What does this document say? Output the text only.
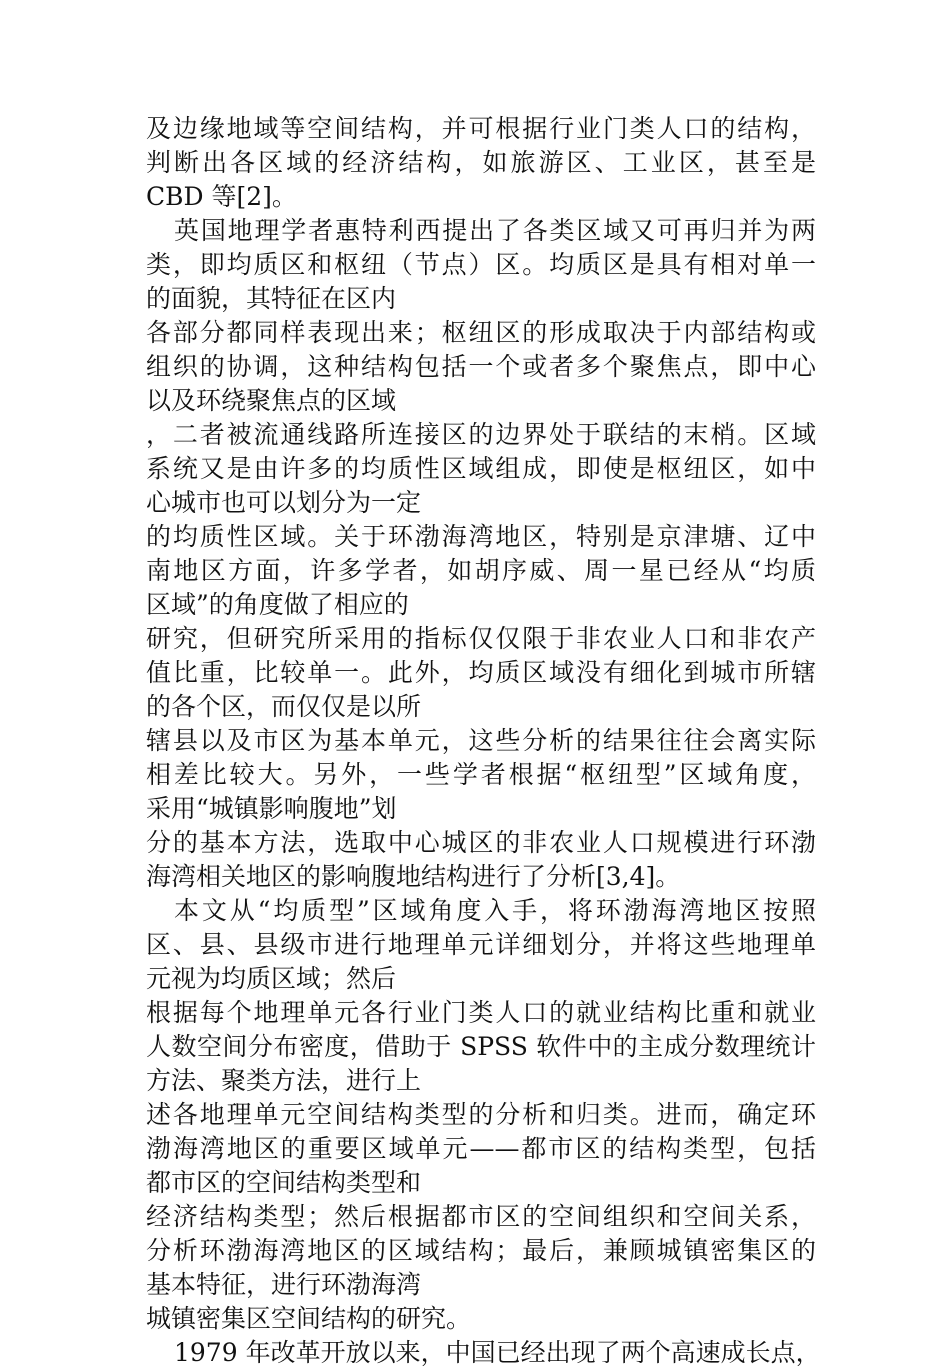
及边缘地域等空间结构，并可根据行业门类人口的结构，
判断出各区域的经济结构，如旅游区、工业区，甚至是
CBD 等[2]。
英国地理学者惠特利西提出了各类区域又可再归并为两
类，即均质区和枢纽（节点）区。均质区是具有相对单一
的面貌，其特征在区内
各部分都同样表现出来；枢纽区的形成取决于内部结构或
组织的协调，这种结构包括一个或者多个聚焦点，即中心
以及环绕聚焦点的区域
，二者被流通线路所连接区的边界处于联结的末梢。区域
系统又是由许多的均质性区域组成，即使是枢纽区，如中
心城市也可以划分为一定
的均质性区域。关于环渤海湾地区，特别是京津塘、辽中
南地区方面，许多学者，如胡序威、周一星已经从“均质
区域”的角度做了相应的
研究，但研究所采用的指标仅仅限于非农业人口和非农产
值比重，比较单一。此外，均质区域没有细化到城市所辖
的各个区，而仅仅是以所
辖县以及市区为基本单元，这些分析的结果往往会离实际
相差比较大。另外，一些学者根据“枢纽型”区域角度，
采用“城镇影响腹地”划
分的基本方法，选取中心城区的非农业人口规模进行环渤
海湾相关地区的影响腹地结构进行了分析[3,4]。
本文从“均质型”区域角度入手，将环渤海湾地区按照
区、县、县级市进行地理单元详细划分，并将这些地理单
元视为均质区域；然后
根据每个地理单元各行业门类人口的就业结构比重和就业
人数空间分布密度，借助于 SPSS 软件中的主成分数理统计
方法、聚类方法，进行上
述各地理单元空间结构类型的分析和归类。进而，确定环
渤海湾地区的重要区域单元——都市区的结构类型，包括
都市区的空间结构类型和
经济结构类型；然后根据都市区的空间组织和空间关系，
分析环渤海湾地区的区域结构；最后，兼顾城镇密集区的
基本特征，进行环渤海湾
城镇密集区空间结构的研究。
1979 年改革开放以来，中国已经出现了两个高速成长点，
